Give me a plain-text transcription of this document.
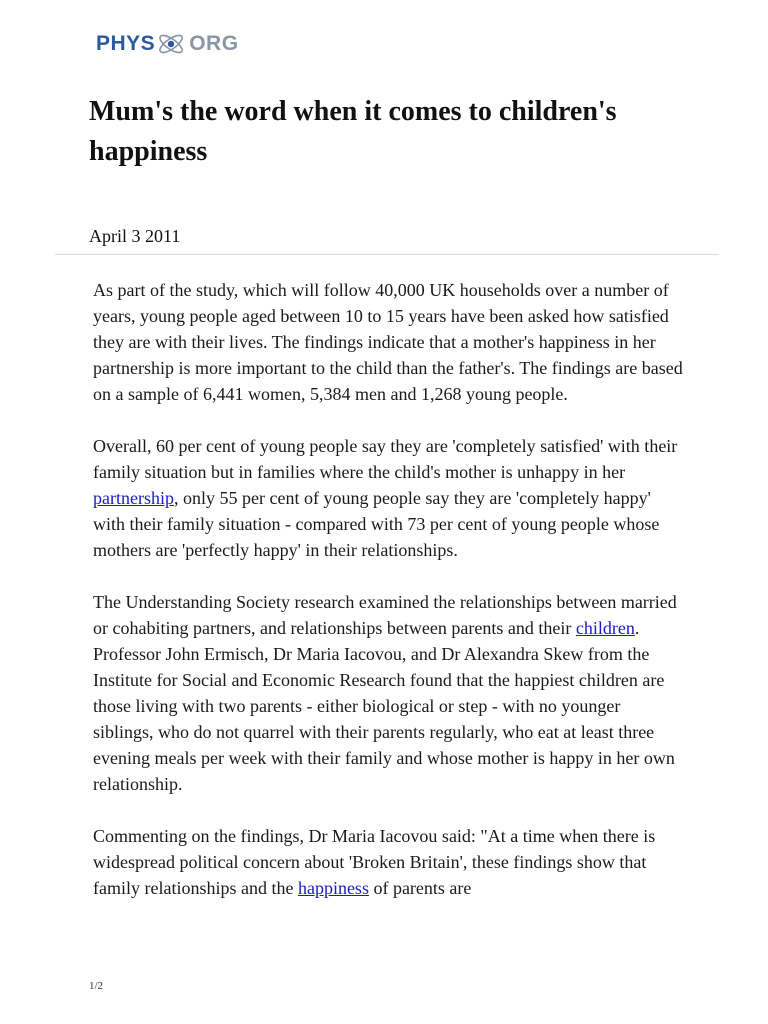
PHYS ORG
Mum's the word when it comes to children's happiness
April 3 2011

As part of the study, which will follow 40,000 UK households over a number of years, young people aged between 10 to 15 years have been asked how satisfied they are with their lives. The findings indicate that a mother's happiness in her partnership is more important to the child than the father's. The findings are based on a sample of 6,441 women, 5,384 men and 1,268 young people.

Overall, 60 per cent of young people say they are 'completely satisfied' with their family situation but in families where the child's mother is unhappy in her partnership, only 55 per cent of young people say they are 'completely happy' with their family situation - compared with 73 per cent of young people whose mothers are 'perfectly happy' in their relationships.

The Understanding Society research examined the relationships between married or cohabiting partners, and relationships between parents and their children. Professor John Ermisch, Dr Maria Iacovou, and Dr Alexandra Skew from the Institute for Social and Economic Research found that the happiest children are those living with two parents - either biological or step - with no younger siblings, who do not quarrel with their parents regularly, who eat at least three evening meals per week with their family and whose mother is happy in her own relationship.

Commenting on the findings, Dr Maria Iacovou said: "At a time when there is widespread political concern about 'Broken Britain', these findings show that family relationships and the happiness of parents are

1/2
